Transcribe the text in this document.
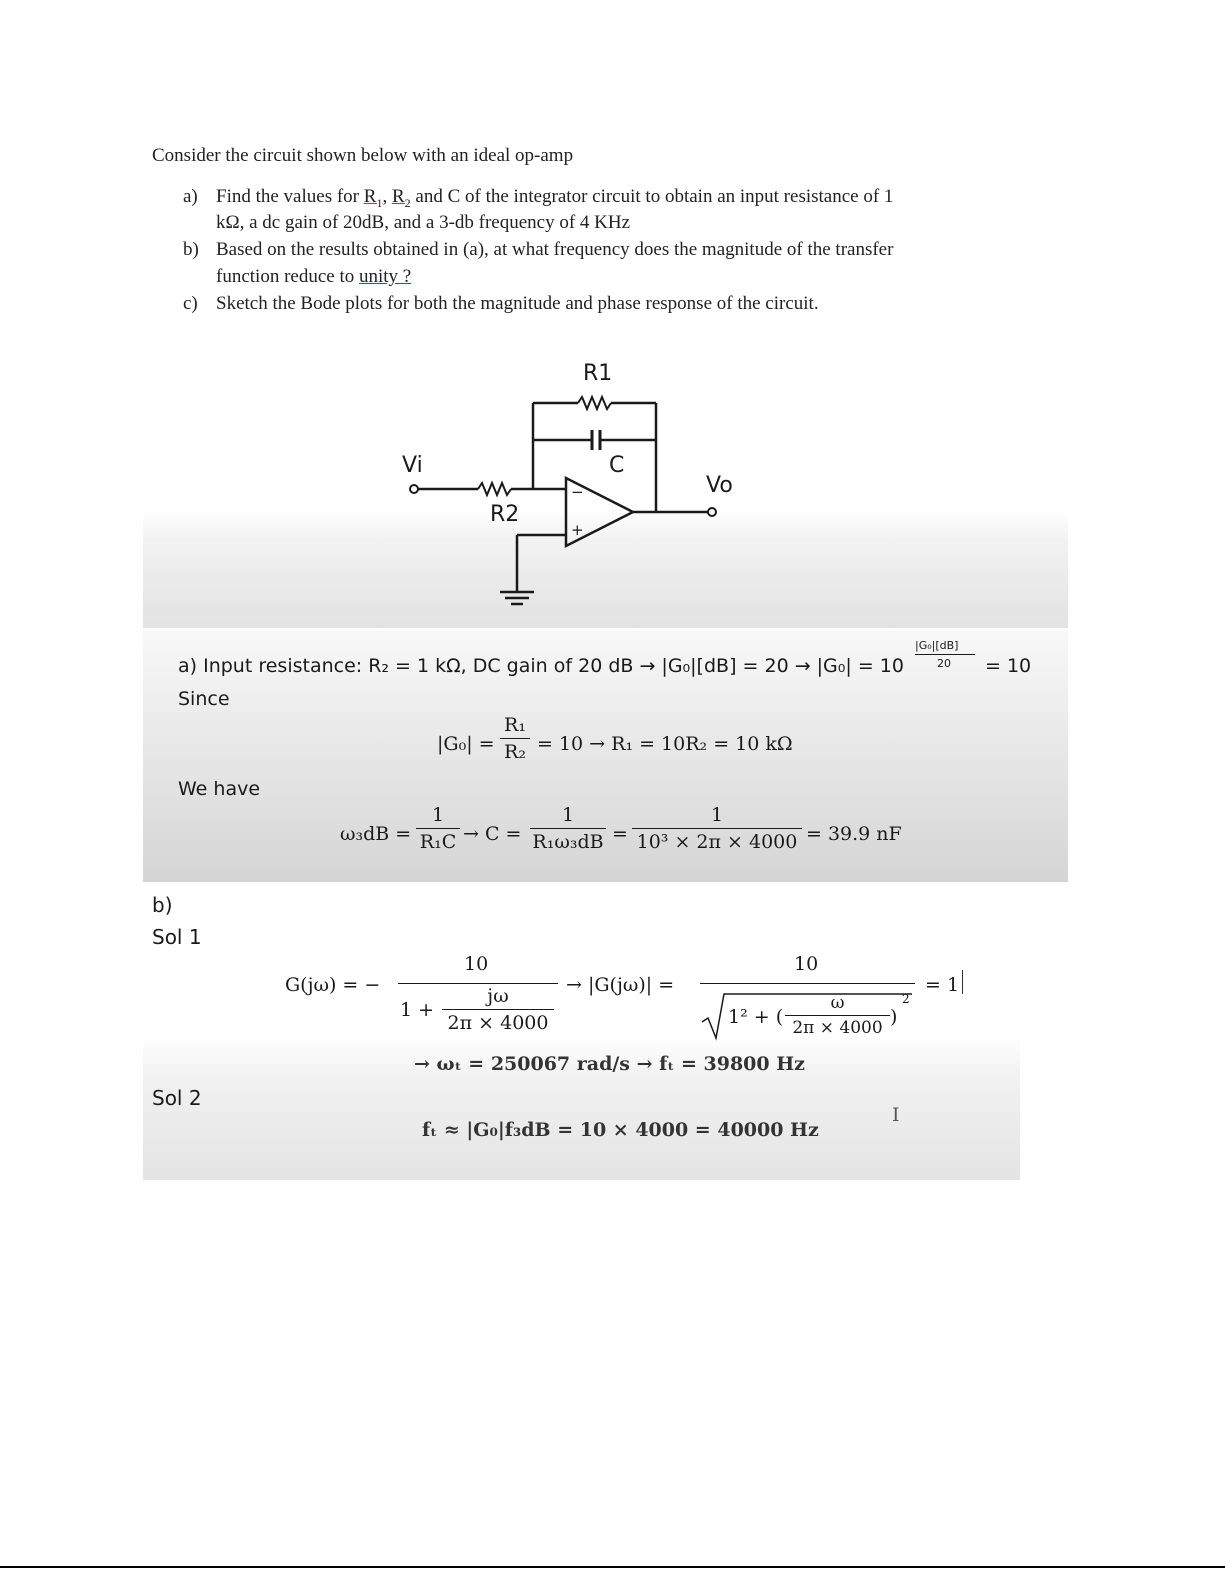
Consider the circuit shown below with an ideal op-amp
a) Find the values for $R_1$, $R_2$ and C of the integrator circuit to obtain an input resistance of 1
kΩ, a dc gain of 20dB, and a 3-db frequency of 4 KHz
b) Based on the results obtained in (a), at what frequency does the magnitude of the transfer
function reduce to unity ?
c) Sketch the Bode plots for both the magnitude and phase response of the circuit.
R1
C
Vi
Vo
R2
−
+
a) Input resistance: R₂ = 1 kΩ, DC gain of 20 dB → |G₀|[dB] = 20 → |G₀| = 10
|G₀|[dB]
20 = 10
Since
|G₀| =
R₁
R₂ = 10 → R₁ = 10R₂ = 10 kΩ
We have
ω₃dB =
1
R₁C → C =
1
R₁ω₃dB =
1
10³ × 2π × 4000 = 39.9 nF
b)
Sol 1
G(jω) = −
10
1 +
jω
2π × 4000
→ |G(jω)| =
10
1² + (
ω
2π × 4000 )
2
= 1
→ ωₜ = 250067 rad/s → fₜ = 39800 Hz
Sol 2
fₜ ≈ |G₀|f₃dB = 10 × 4000 = 40000 Hz
I
